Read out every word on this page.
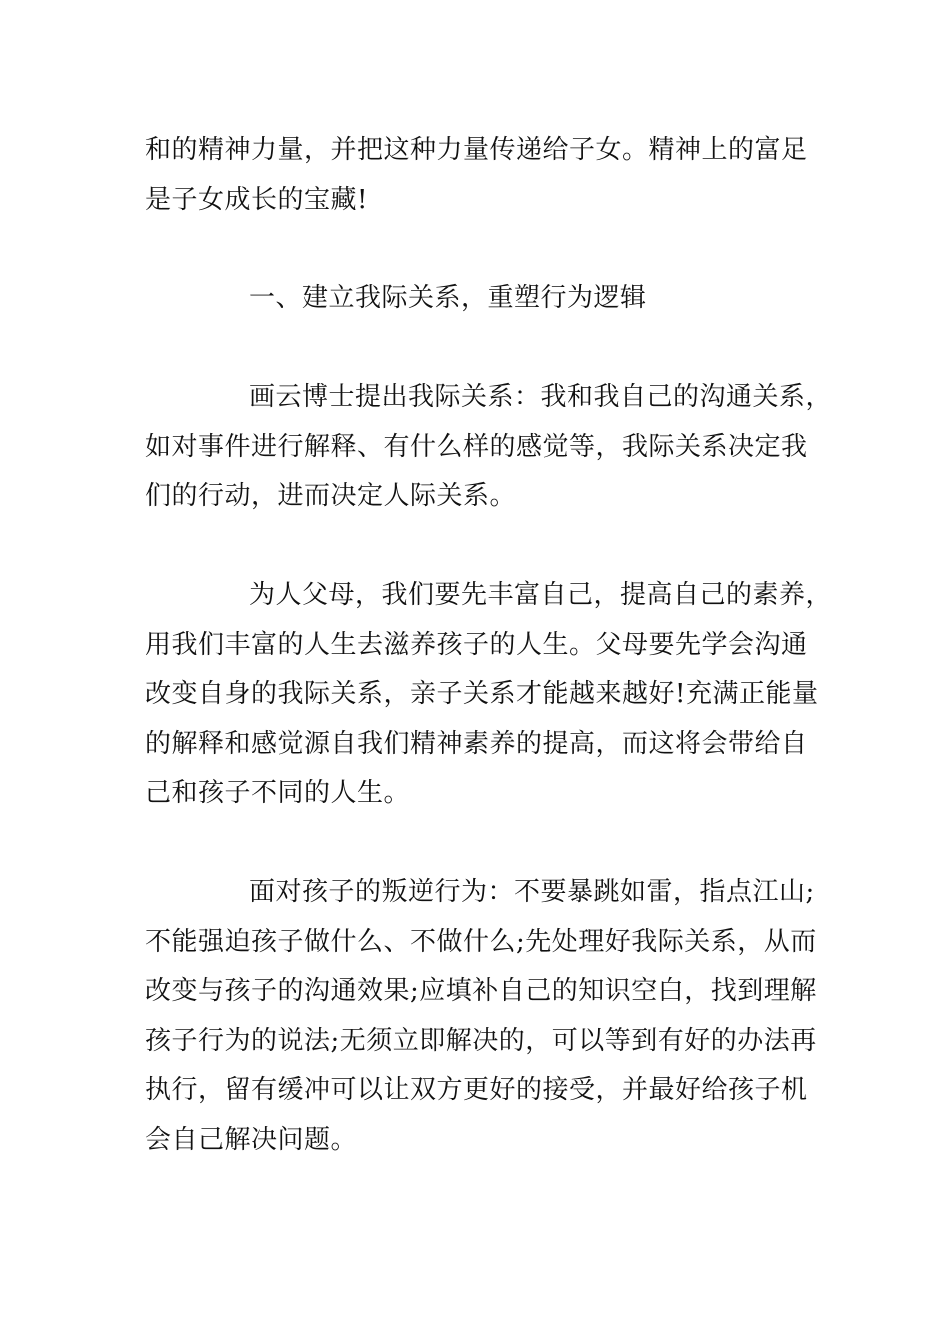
和的精神力量，并把这种力量传递给子女。精神上的富足
是子女成长的宝藏!

一、建立我际关系，重塑行为逻辑

画云博士提出我际关系：我和我自己的沟通关系，
如对事件进行解释、有什么样的感觉等，我际关系决定我
们的行动，进而决定人际关系。

为人父母，我们要先丰富自己，提高自己的素养，
用我们丰富的人生去滋养孩子的人生。父母要先学会沟通
改变自身的我际关系，亲子关系才能越来越好!充满正能量
的解释和感觉源自我们精神素养的提高，而这将会带给自
己和孩子不同的人生。

面对孩子的叛逆行为：不要暴跳如雷，指点江山;
不能强迫孩子做什么、不做什么;先处理好我际关系，从而
改变与孩子的沟通效果;应填补自己的知识空白，找到理解
孩子行为的说法;无须立即解决的，可以等到有好的办法再
执行，留有缓冲可以让双方更好的接受，并最好给孩子机
会自己解决问题。
